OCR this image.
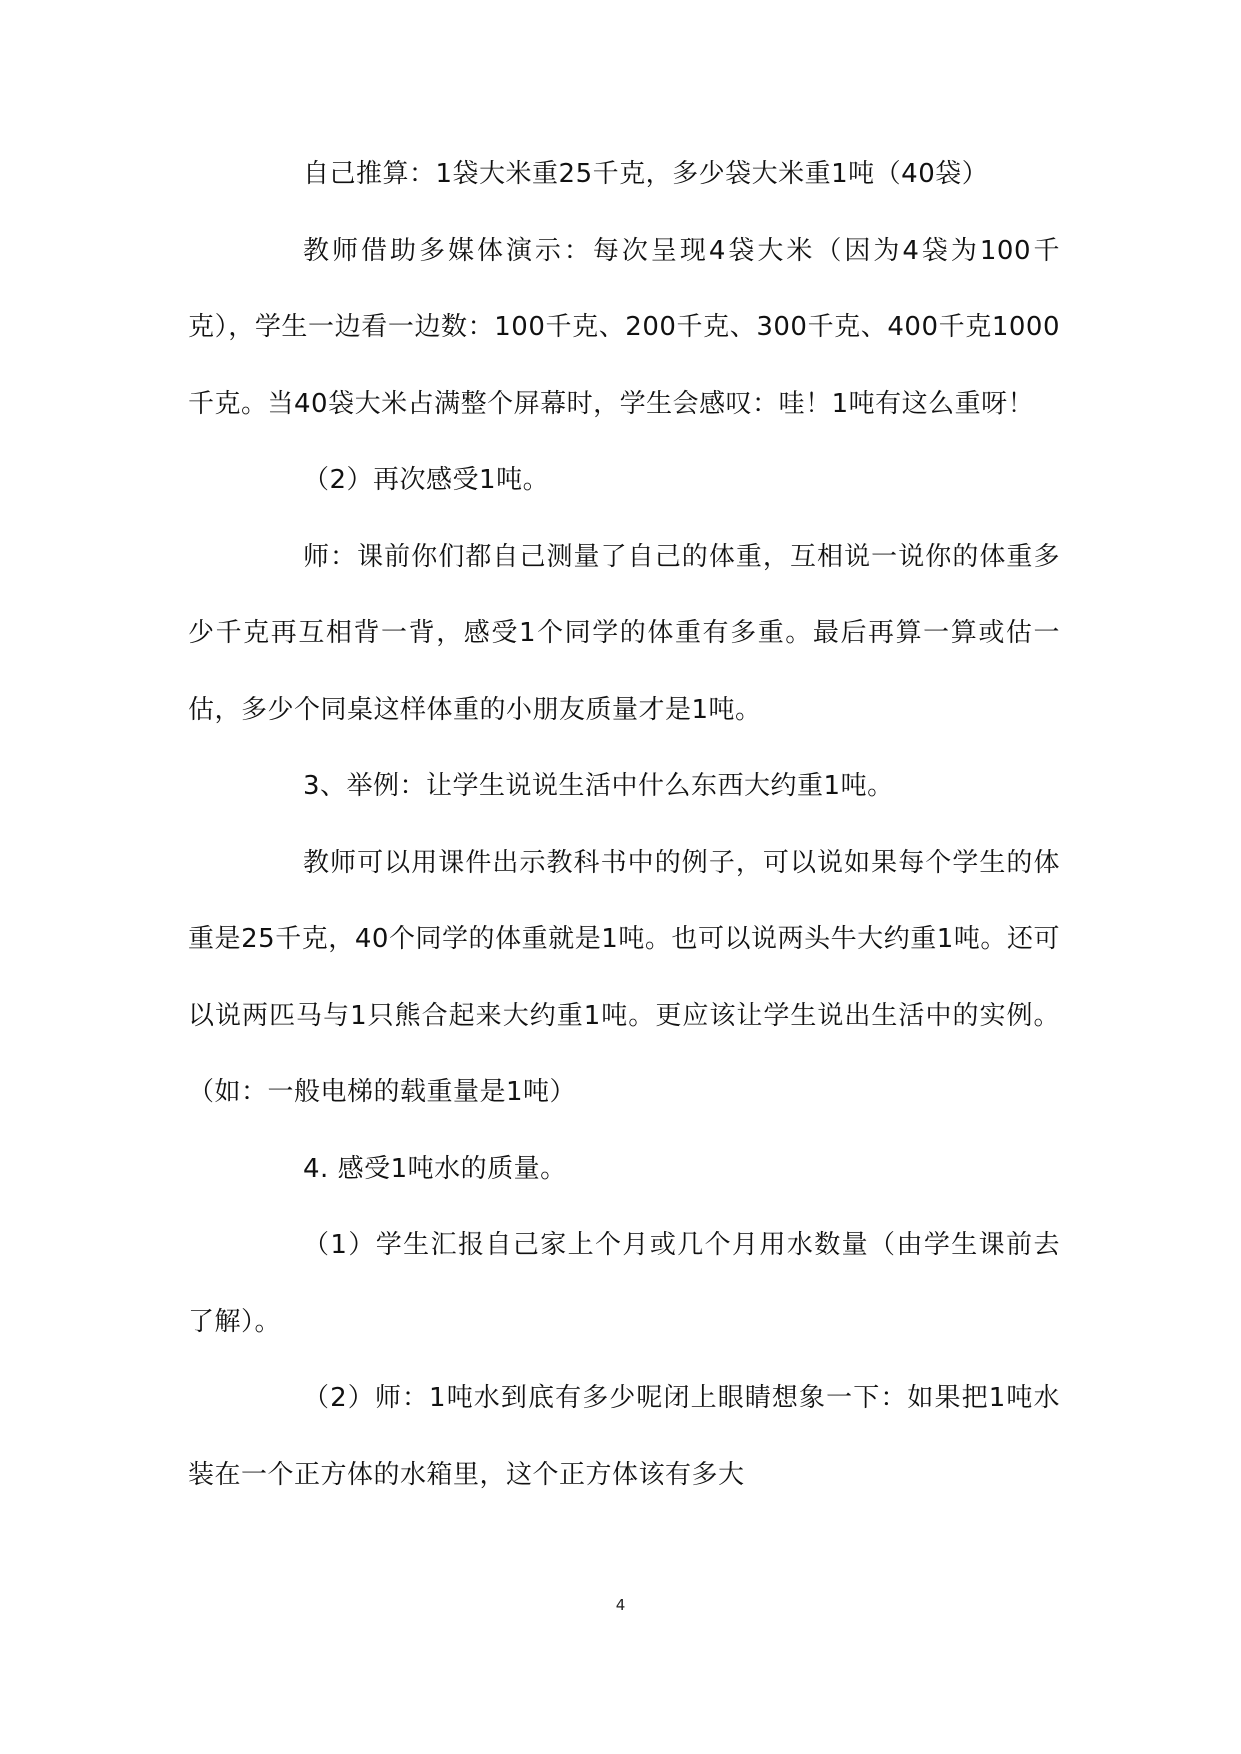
自己推算：1袋大米重25千克，多少袋大米重1吨（40袋）

教师借助多媒体演示：每次呈现4袋大米（因为4袋为100千克），学生一边看一边数：100千克、200千克、300千克、400千克1000千克。当40袋大米占满整个屏幕时，学生会感叹：哇！1吨有这么重呀！

（2）再次感受1吨。

师：课前你们都自己测量了自己的体重，互相说一说你的体重多少千克再互相背一背，感受1个同学的体重有多重。最后再算一算或估一估，多少个同桌这样体重的小朋友质量才是1吨。

3、举例：让学生说说生活中什么东西大约重1吨。

教师可以用课件出示教科书中的例子，可以说如果每个学生的体重是25千克，40个同学的体重就是1吨。也可以说两头牛大约重1吨。还可以说两匹马与1只熊合起来大约重1吨。更应该让学生说出生活中的实例。（如：一般电梯的载重量是1吨）

4. 感受1吨水的质量。

（1）学生汇报自己家上个月或几个月用水数量（由学生课前去了解）。

（2）师：1吨水到底有多少呢闭上眼睛想象一下：如果把1吨水装在一个正方体的水箱里，这个正方体该有多大

4
